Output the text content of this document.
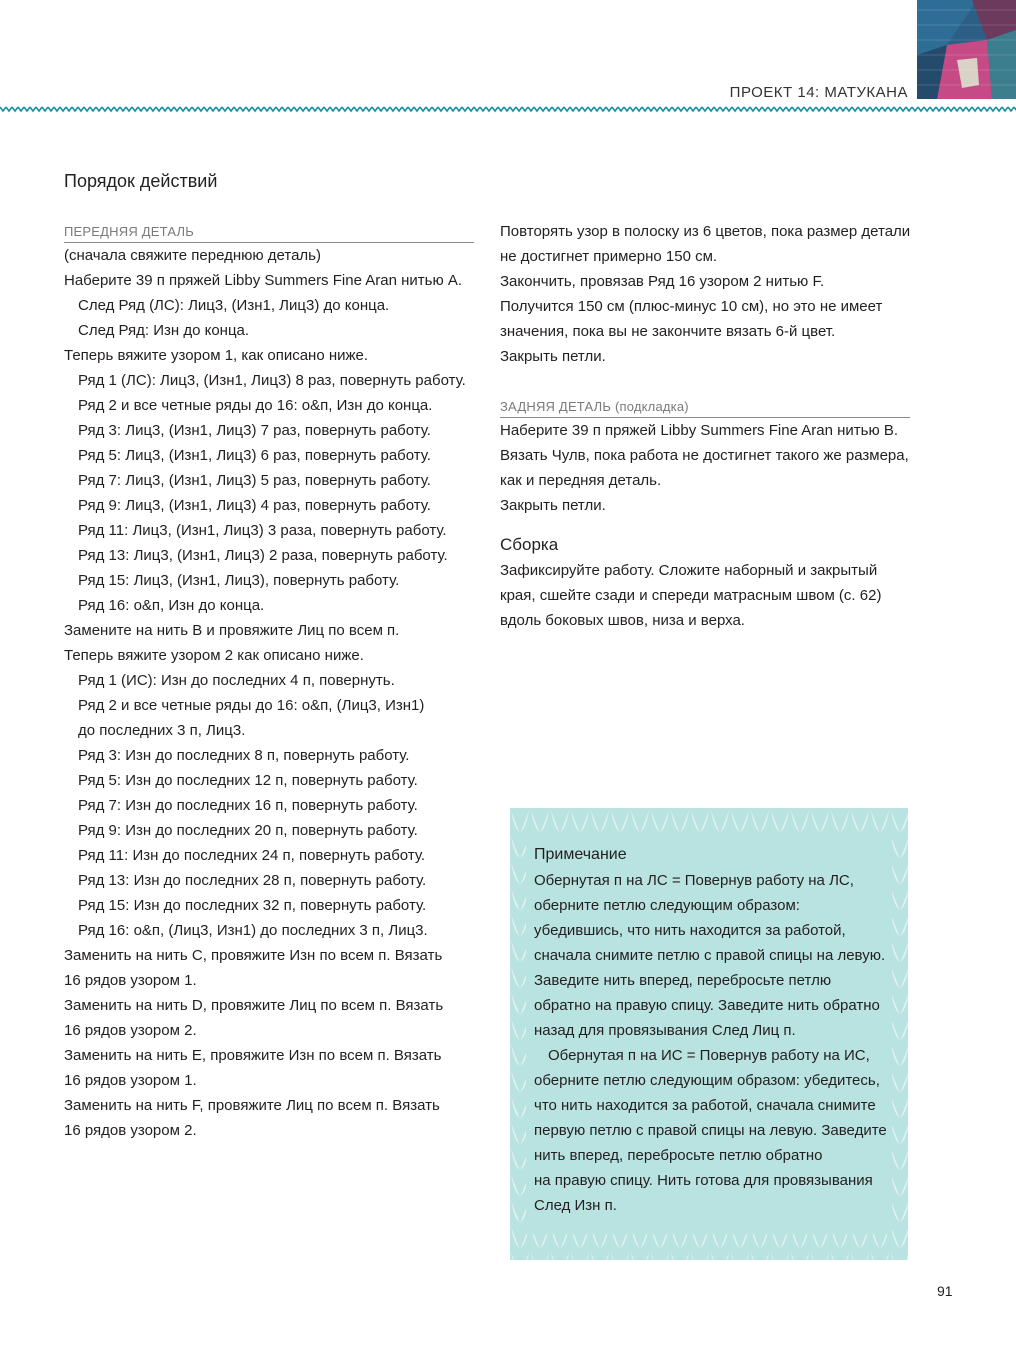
ПРОЕКТ 14: МАТУКАНА
Порядок действий
ПЕРЕДНЯЯ ДЕТАЛЬ
(сначала свяжите переднюю деталь)
Наберите 39 п пряжей Libby Summers Fine Aran нитью А.
След Ряд (ЛС): Лиц3, (Изн1, Лиц3) до конца.
След Ряд: Изн до конца.
Теперь вяжите узором 1, как описано ниже.
Ряд 1 (ЛС): Лиц3, (Изн1, Лиц3) 8 раз, повернуть работу.
Ряд 2 и все четные ряды до 16: о&п, Изн до конца.
Ряд 3: Лиц3, (Изн1, Лиц3) 7 раз, повернуть работу.
Ряд 5: Лиц3, (Изн1, Лиц3) 6 раз, повернуть работу.
Ряд 7: Лиц3, (Изн1, Лиц3) 5 раз, повернуть работу.
Ряд 9: Лиц3, (Изн1, Лиц3) 4 раз, повернуть работу.
Ряд 11: Лиц3, (Изн1, Лиц3) 3 раза, повернуть работу.
Ряд 13: Лиц3, (Изн1, Лиц3) 2 раза, повернуть работу.
Ряд 15: Лиц3, (Изн1, Лиц3), повернуть работу.
Ряд 16: о&п, Изн до конца.
Замените на нить В и провяжите Лиц по всем п.
Теперь вяжите узором 2 как описано ниже.
Ряд 1 (ИС): Изн до последних 4 п, повернуть.
Ряд 2 и все четные ряды до 16: о&п, (Лиц3, Изн1)
до последних 3 п, Лиц3.
Ряд 3: Изн до последних 8 п, повернуть работу.
Ряд 5: Изн до последних 12 п, повернуть работу.
Ряд 7: Изн до последних 16 п, повернуть работу.
Ряд 9: Изн до последних 20 п, повернуть работу.
Ряд 11: Изн до последних 24 п, повернуть работу.
Ряд 13: Изн до последних 28 п, повернуть работу.
Ряд 15: Изн до последних 32 п, повернуть работу.
Ряд 16: о&п, (Лиц3, Изн1) до последних 3 п, Лиц3.
Заменить на нить С, провяжите Изн по всем п. Вязать
16 рядов узором 1.
Заменить на нить D, провяжите Лиц по всем п. Вязать
16 рядов узором 2.
Заменить на нить Е, провяжите Изн по всем п. Вязать
16 рядов узором 1.
Заменить на нить F, провяжите Лиц по всем п. Вязать
16 рядов узором 2.
Повторять узор в полоску из 6 цветов, пока размер детали
не достигнет примерно 150 см.
Закончить, провязав Ряд 16 узором 2 нитью F.
Получится 150 см (плюс-минус 10 см), но это не имеет
значения, пока вы не закончите вязать 6-й цвет.
Закрыть петли.
ЗАДНЯЯ ДЕТАЛЬ (подкладка)
Наберите 39 п пряжей Libby Summers Fine Aran нитью В.
Вязать Чулв, пока работа не достигнет такого же размера,
как и передняя деталь.
Закрыть петли.
Сборка
Зафиксируйте работу. Сложите наборный и закрытый
края, сшейте сзади и спереди матрасным швом (с. 62)
вдоль боковых швов, низа и верха.
Примечание
Обернутая п на ЛС = Повернув работу на ЛС,
оберните петлю следующим образом:
убедившись, что нить находится за работой,
сначала снимите петлю с правой спицы на левую.
Заведите нить вперед, перебросьте петлю
обратно на правую спицу. Заведите нить обратно
назад для провязывания След Лиц п.
Обернутая п на ИС = Повернув работу на ИС,
оберните петлю следующим образом: убедитесь,
что нить находится за работой, сначала снимите
первую петлю с правой спицы на левую. Заведите
нить вперед, перебросьте петлю обратно
на правую спицу. Нить готова для провязывания
След Изн п.
91
